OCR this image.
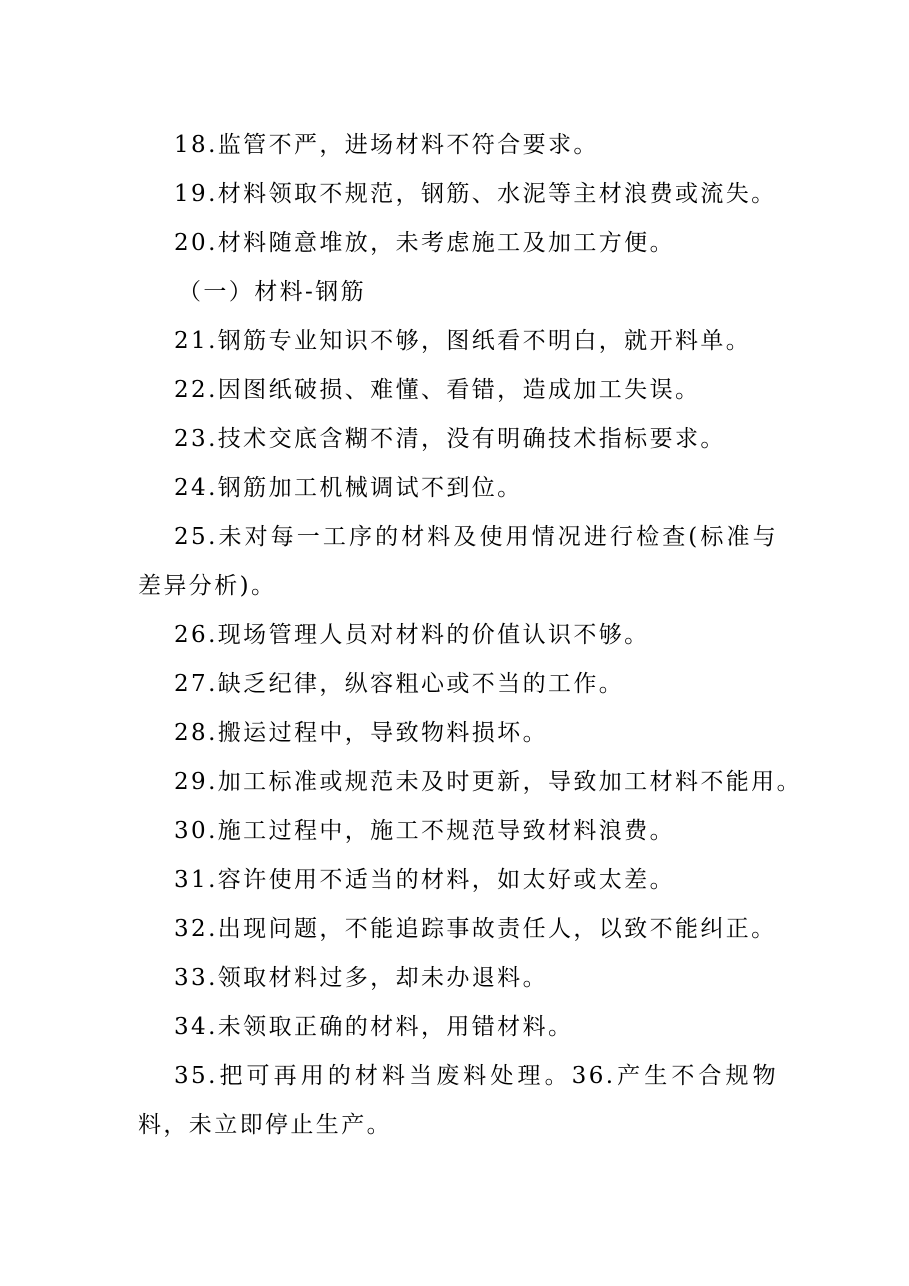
18.监管不严，进场材料不符合要求。

19.材料领取不规范，钢筋、水泥等主材浪费或流失。

20.材料随意堆放，未考虑施工及加工方便。

（一）材料-钢筋

21.钢筋专业知识不够，图纸看不明白，就开料单。

22.因图纸破损、难懂、看错，造成加工失误。

23.技术交底含糊不清，没有明确技术指标要求。

24.钢筋加工机械调试不到位。

25.未对每一工序的材料及使用情况进行检查(标准与差异分析)。

26.现场管理人员对材料的价值认识不够。

27.缺乏纪律，纵容粗心或不当的工作。

28.搬运过程中，导致物料损坏。

29.加工标准或规范未及时更新，导致加工材料不能用。

30.施工过程中，施工不规范导致材料浪费。

31.容许使用不适当的材料，如太好或太差。

32.出现问题，不能追踪事故责任人，以致不能纠正。

33.领取材料过多，却未办退料。

34.未领取正确的材料，用错材料。

35.把可再用的材料当废料处理。36.产生不合规物料，未立即停止生产。
